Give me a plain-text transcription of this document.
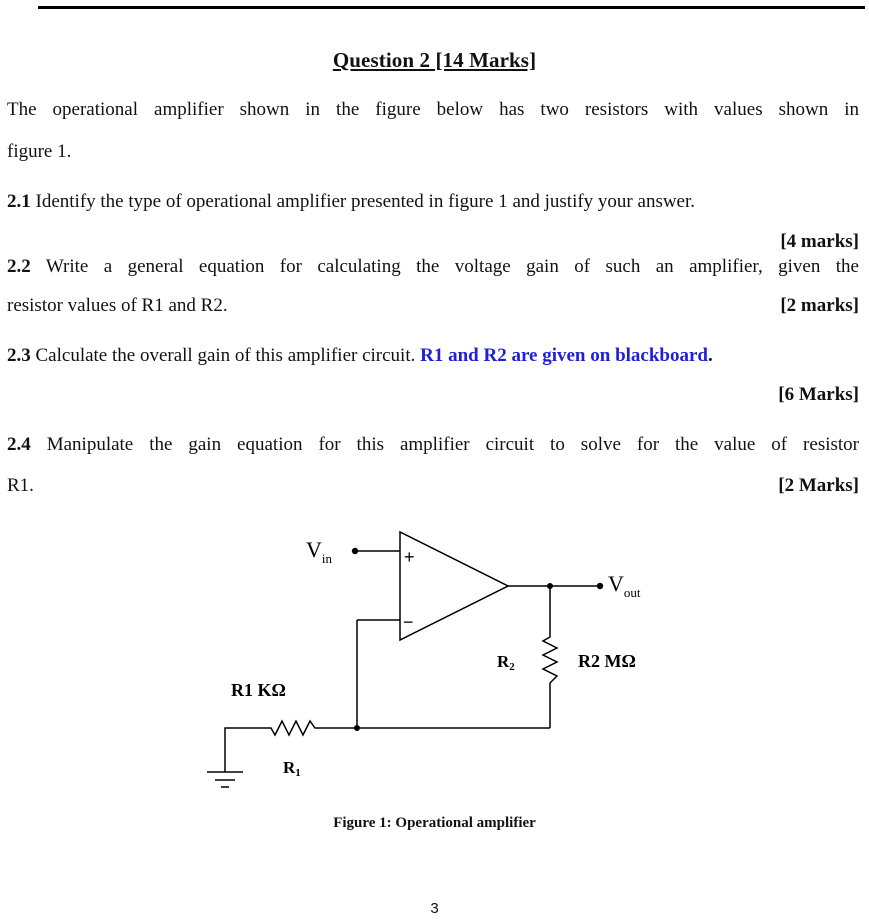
Question 2 [14 Marks]
The operational amplifier shown in the figure below has two resistors with values shown in
figure 1.
2.1 Identify the type of operational amplifier presented in figure 1 and justify your answer.
[4 marks]
2.2 Write a general equation for calculating the voltage gain of such an amplifier, given the
resistor values of R1 and R2.	[2 marks]
2.3 Calculate the overall gain of this amplifier circuit. R1 and R2 are given on blackboard.
[6 Marks]
2.4 Manipulate the gain equation for this amplifier circuit to solve for the value of resistor
R1.	[2 Marks]
+
−
$V_{in}$
$V_{out}$
R2	R2 MΩ
R1 KΩ
R1
Figure 1: Operational amplifier
3
